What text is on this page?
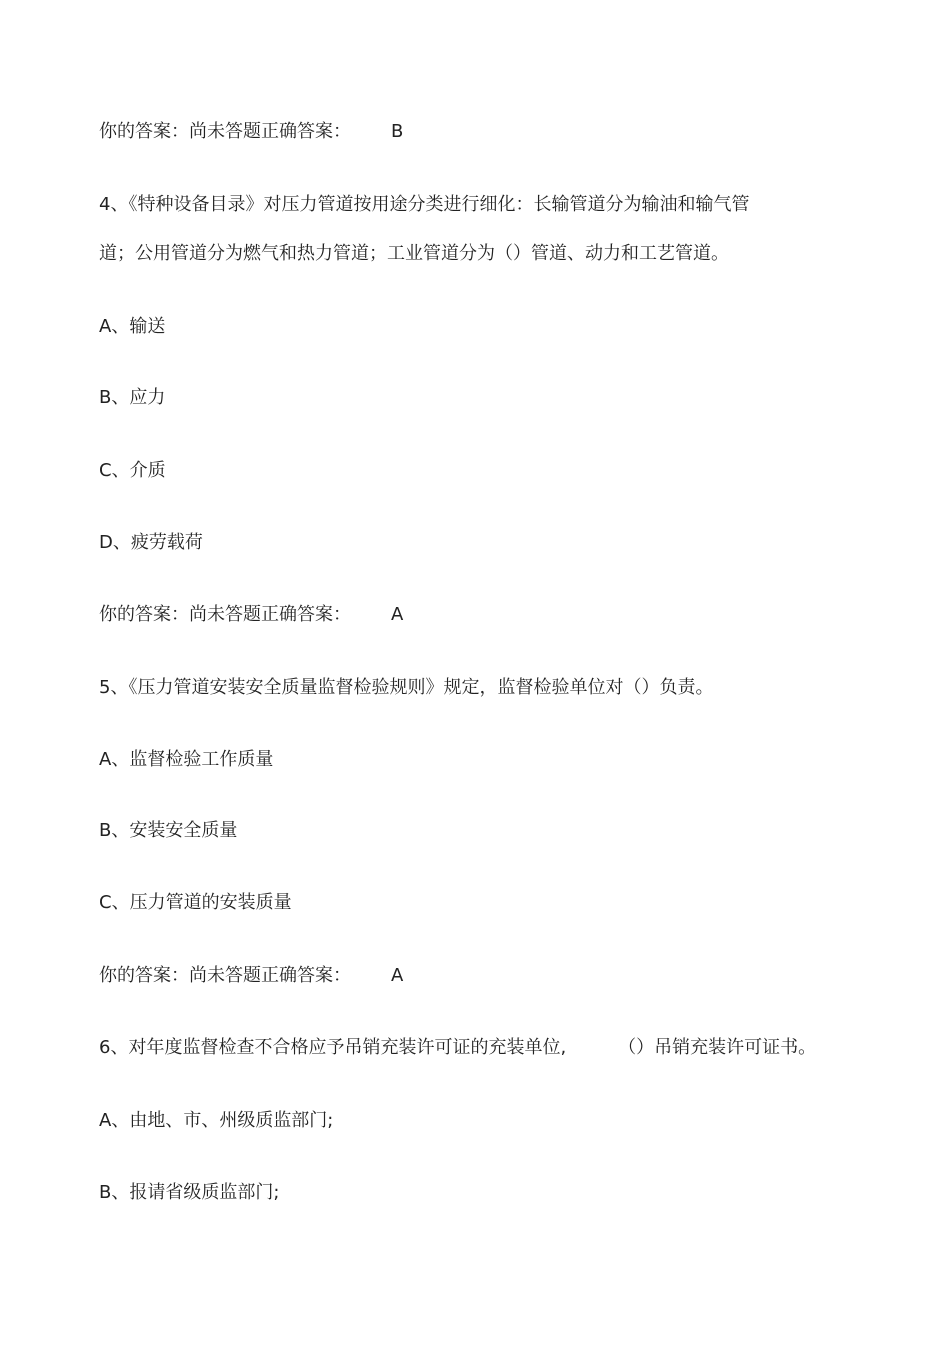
你的答案：尚未答题正确答案： B
4、《特种设备目录》对压力管道按用途分类进行细化：长输管道分为输油和输气管
道；公用管道分为燃气和热力管道；工业管道分为（）管道、动力和工艺管道。
A、输送
B、应力
C、介质
D、疲劳载荷
你的答案：尚未答题正确答案： A
5、《压力管道安装安全质量监督检验规则》规定，监督检验单位对（）负责。
A、监督检验工作质量
B、安装安全质量
C、压力管道的安装质量
你的答案：尚未答题正确答案： A
6、对年度监督检查不合格应予吊销充装许可证的充装单位,	（）吊销充装许可证书。
A、由地、市、州级质监部门;
B、报请省级质监部门;
